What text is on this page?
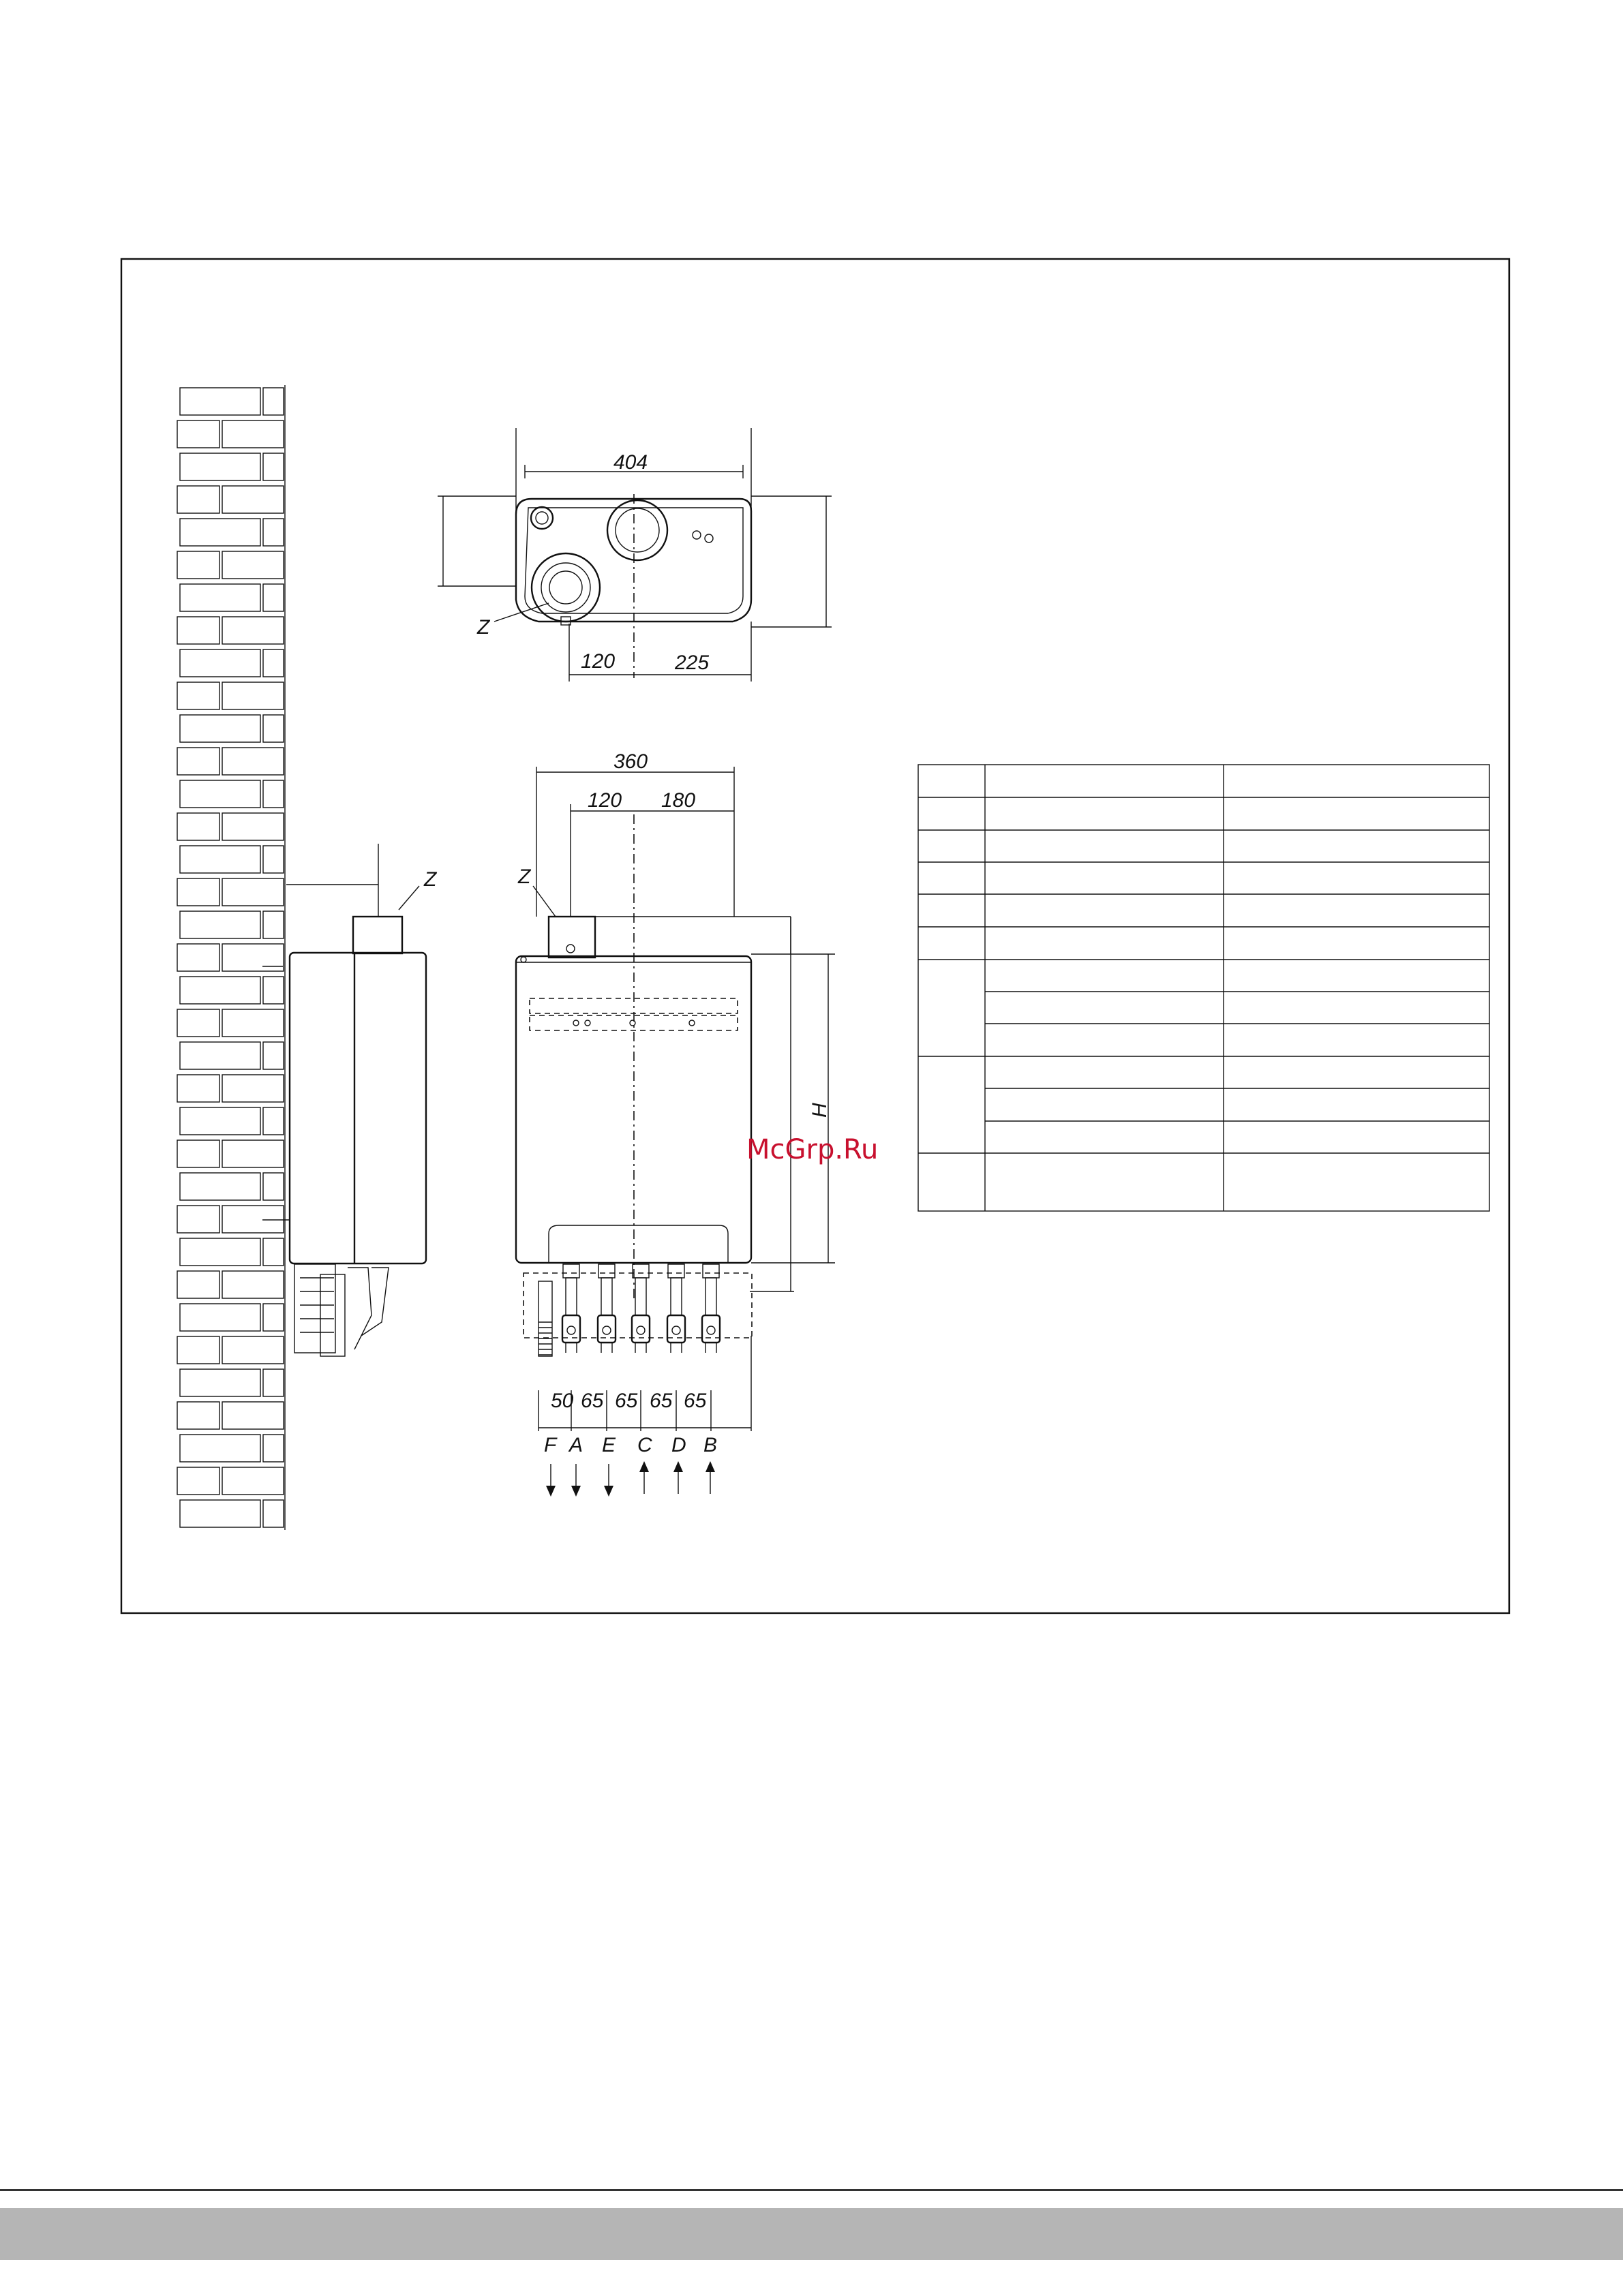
Z
404
Z
120	225
360
120 180
Z
H
50 65 65 65 65
F A E C D B
McGrp.Ru
